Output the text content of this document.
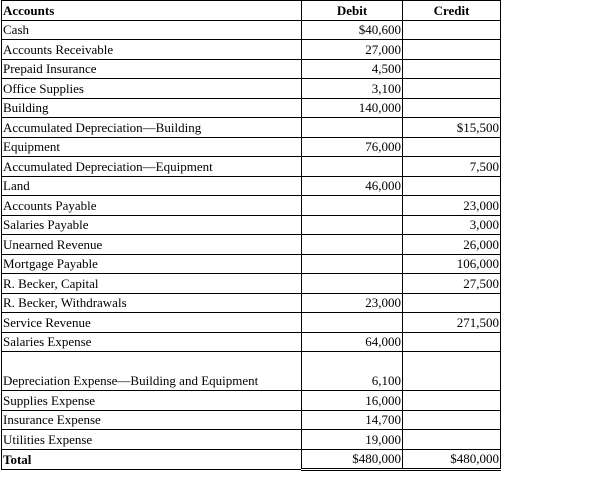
Accounts	Debit	Credit
Cash	$40,600	
Accounts Receivable	27,000	
Prepaid Insurance	4,500	
Office Supplies	3,100	
Building	140,000	
Accumulated Depreciation—Building		$15,500
Equipment	76,000	
Accumulated Depreciation—Equipment		7,500
Land	46,000	
Accounts Payable		23,000
Salaries Payable		3,000
Unearned Revenue		26,000
Mortgage Payable		106,000
R. Becker, Capital		27,500
R. Becker, Withdrawals	23,000	
Service Revenue		271,500
Salaries Expense	64,000	
Depreciation Expense—Building and Equipment	6,100	
Supplies Expense	16,000	
Insurance Expense	14,700	
Utilities Expense	19,000	
Total	$480,000	$480,000
